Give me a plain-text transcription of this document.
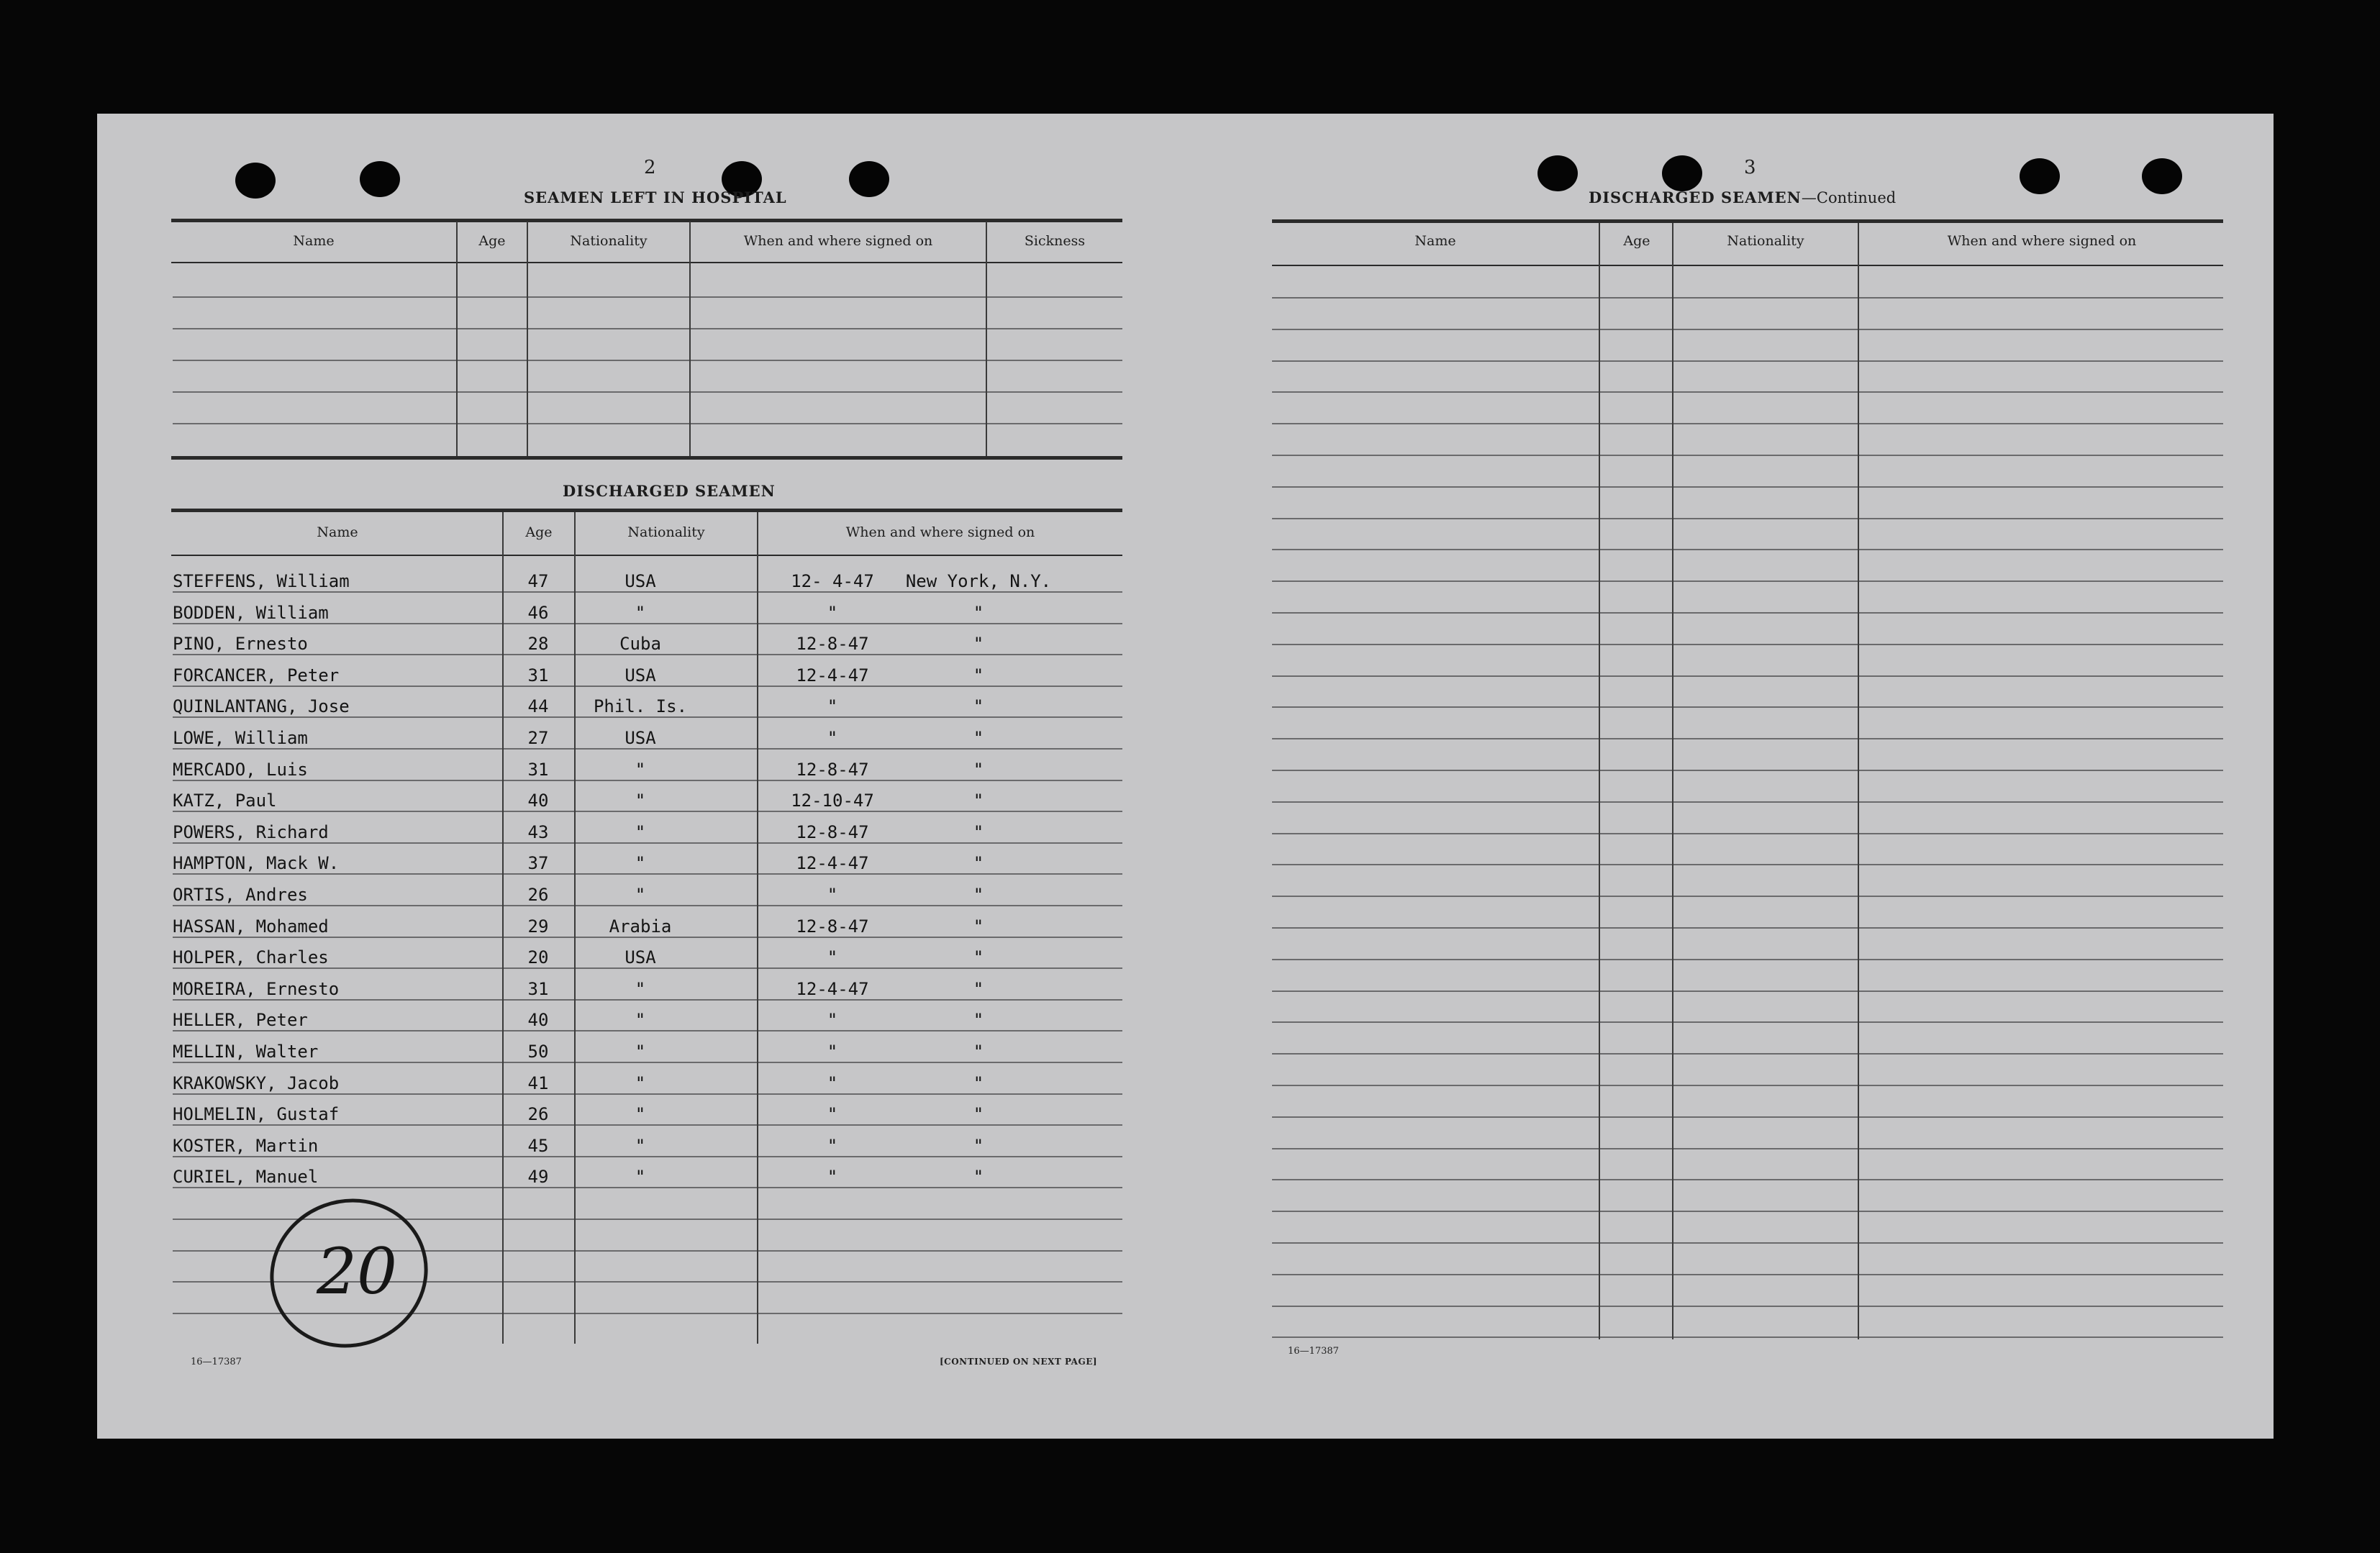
2
SEAMEN LEFT IN HOSPITAL
Name	Age	Nationality	When and where signed on	Sickness
DISCHARGED SEAMEN
Name	Age	Nationality	When and where signed on
STEFFENS, William	47	USA	12- 4-47	New York, N.Y.
BODDEN, William	46	"	"	"
PINO, Ernesto	28	Cuba	12-8-47	"
FORCANCER, Peter	31	USA	12-4-47	"
QUINLANTANG, Jose	44	Phil. Is.	"	"
LOWE, William	27	USA	"	"
MERCADO, Luis	31	"	12-8-47	"
KATZ, Paul	40	"	12-10-47	"
POWERS, Richard	43	"	12-8-47	"
HAMPTON, Mack W.	37	"	12-4-47	"
ORTIS, Andres	26	"	"	"
HASSAN, Mohamed	29	Arabia	12-8-47	"
HOLPER, Charles	20	USA	"	"
MOREIRA, Ernesto	31	"	12-4-47	"
HELLER, Peter	40	"	"	"
MELLIN, Walter	50	"	"	"
KRAKOWSKY, Jacob	41	"	"	"
HOLMELIN, Gustaf	26	"	"	"
KOSTER, Martin	45	"	"	"
CURIEL, Manuel	49	"	"	"
20
16—17387	[CONTINUED ON NEXT PAGE]
3
DISCHARGED SEAMEN—Continued
Name	Age	Nationality	When and where signed on
16—17387
